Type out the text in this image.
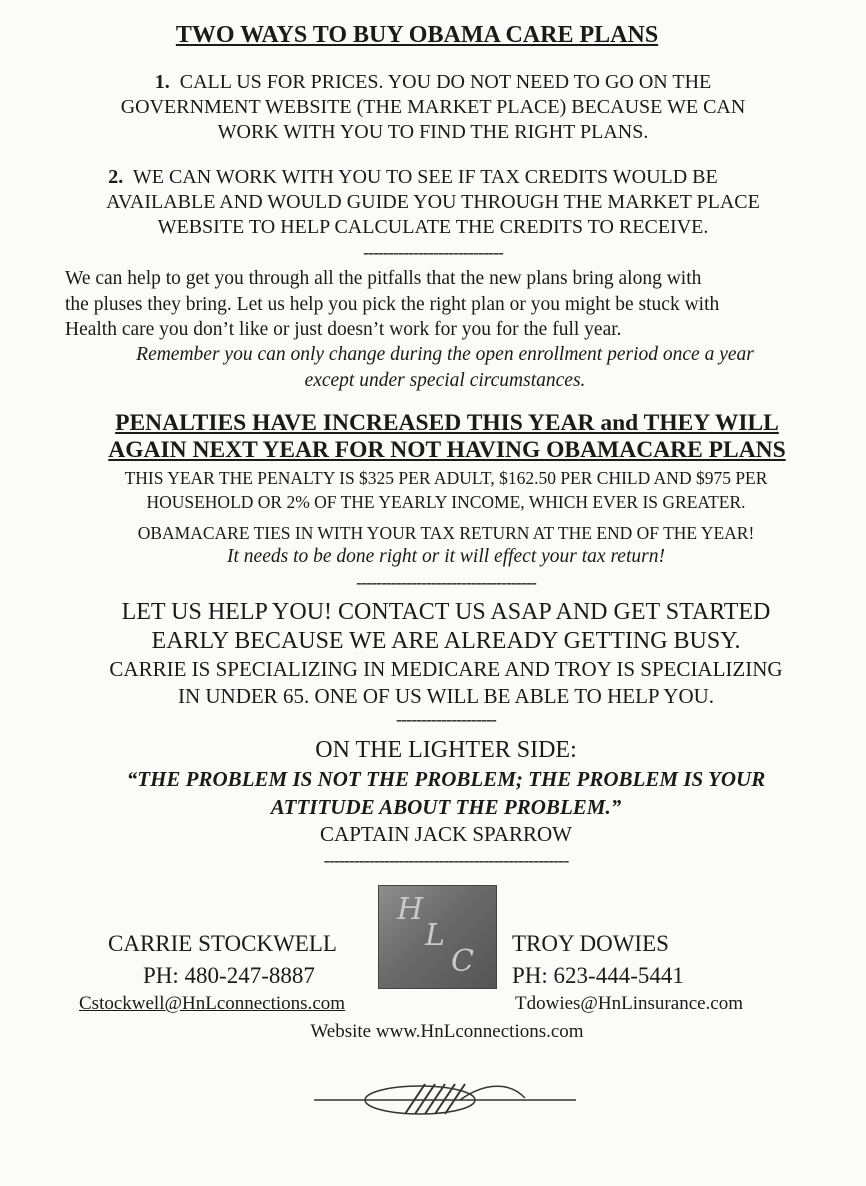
TWO WAYS TO BUY OBAMA CARE PLANS
1. CALL US FOR PRICES. YOU DO NOT NEED TO GO ON THE
GOVERNMENT WEBSITE (THE MARKET PLACE) BECAUSE WE CAN
WORK WITH YOU TO FIND THE RIGHT PLANS.
2. WE CAN WORK WITH YOU TO SEE IF TAX CREDITS WOULD BE
AVAILABLE AND WOULD GUIDE YOU THROUGH THE MARKET PLACE
WEBSITE TO HELP CALCULATE THE CREDITS TO RECEIVE.
----------------------------
We can help to get you through all the pitfalls that the new plans bring along with
the pluses they bring. Let us help you pick the right plan or you might be stuck with
Health care you don’t like or just doesn’t work for you for the full year.
Remember you can only change during the open enrollment period once a year
except under special circumstances.
PENALTIES HAVE INCREASED THIS YEAR and THEY WILL
AGAIN NEXT YEAR FOR NOT HAVING OBAMACARE PLANS
THIS YEAR THE PENALTY IS $325 PER ADULT, $162.50 PER CHILD AND $975 PER
HOUSEHOLD OR 2% OF THE YEARLY INCOME, WHICH EVER IS GREATER.
OBAMACARE TIES IN WITH YOUR TAX RETURN AT THE END OF THE YEAR!
It needs to be done right or it will effect your tax return!
------------------------------------
LET US HELP YOU! CONTACT US ASAP AND GET STARTED
EARLY BECAUSE WE ARE ALREADY GETTING BUSY.
CARRIE IS SPECIALIZING IN MEDICARE AND TROY IS SPECIALIZING
IN UNDER 65. ONE OF US WILL BE ABLE TO HELP YOU.
--------------------
ON THE LIGHTER SIDE:
“THE PROBLEM IS NOT THE PROBLEM; THE PROBLEM IS YOUR
ATTITUDE ABOUT THE PROBLEM.”
CAPTAIN JACK SPARROW
-------------------------------------------------
H
L
C
CARRIE STOCKWELL
PH: 480-247-8887
Cstockwell@HnLconnections.com
TROY DOWIES
PH: 623-444-5441
Tdowies@HnLinsurance.com
Website www.HnLconnections.com
